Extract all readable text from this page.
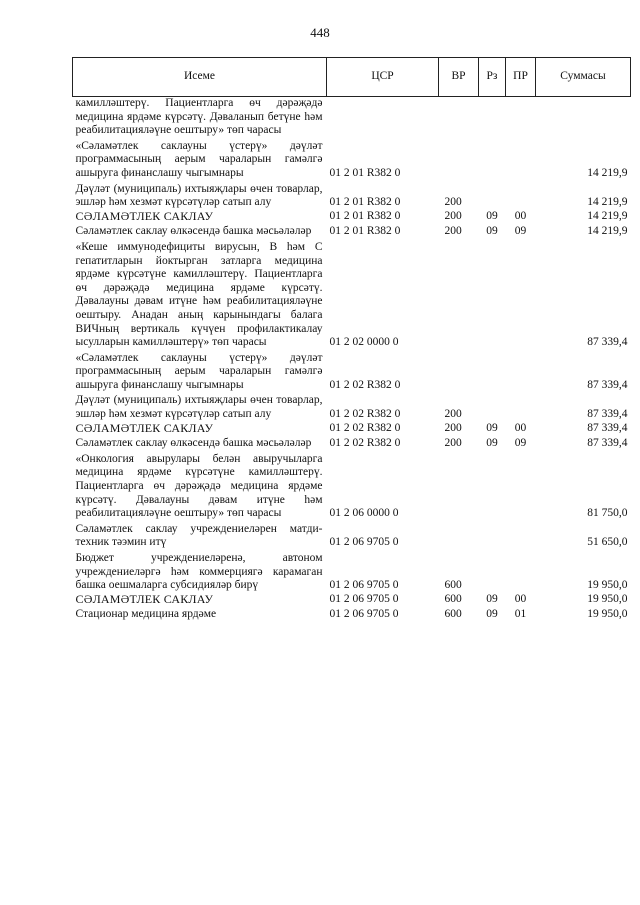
448
Исеме	ЦСР	ВР	Рз	ПР	Суммасы
камилләштерү. Пациентларга өч дәрәҗәдә медицина ярдәме күрсәтү. Дәваланып бетүне һәм реабилитацияләүне оештыру» төп чарасы					
«Сәламәтлек саклауны үстерү» дәүләт программасының аерым чараларын гамәлгә ашыруга финанслашу чыгымнары	01 2 01 R382 0				14 219,9
Дәүләт (муниципаль) ихтыяҗлары өчен товарлар, эшләр һәм хезмәт күрсәтүләр сатып алу	01 2 01 R382 0	200			14 219,9
СӘЛАМӘТЛЕК САКЛАУ	01 2 01 R382 0	200	09	00	14 219,9
Сәламәтлек саклау өлкәсендә башка мәсьәләләр	01 2 01 R382 0	200	09	09	14 219,9
«Кеше иммунодефициты вирусын, B һәм C гепатитларын йоктырган затларга медицина ярдәме күрсәтүне камилләштерү. Пациентларга өч дәрәҗәдә медицина ярдәме күрсәтү. Дәвалауны дәвам итүне һәм реабилитацияләүне оештыру. Анадан аның карынындагы балага ВИЧның вертикаль күчүен профилактикалау ысулларын камилләштерү» төп чарасы	01 2 02 0000 0				87 339,4
«Сәламәтлек саклауны үстерү» дәүләт программасының аерым чараларын гамәлгә ашыруга финанслашу чыгымнары	01 2 02 R382 0				87 339,4
Дәүләт (муниципаль) ихтыяҗлары өчен товарлар, эшләр һәм хезмәт күрсәтүләр сатып алу	01 2 02 R382 0	200			87 339,4
СӘЛАМӘТЛЕК САКЛАУ	01 2 02 R382 0	200	09	00	87 339,4
Сәламәтлек саклау өлкәсендә башка мәсьәләләр	01 2 02 R382 0	200	09	09	87 339,4
«Онкология авырулары белән авыручыларга медицина ярдәме күрсәтүне камилләштерү. Пациентларга өч дәрәҗәдә медицина ярдәме күрсәтү. Дәвалауны дәвам итүне һәм реабилитацияләүне оештыру» төп чарасы	01 2 06 0000 0				81 750,0
Сәламәтлек саклау учреждениеләрен матди-техник тәэмин итү	01 2 06 9705 0				51 650,0
Бюджет учреждениеләренә, автоном учреждениеләргә һәм коммерциягә карамаган башка оешмаларга субсидияләр бирү	01 2 06 9705 0	600			19 950,0
СӘЛАМӘТЛЕК САКЛАУ	01 2 06 9705 0	600	09	00	19 950,0
Стационар медицина ярдәме	01 2 06 9705 0	600	09	01	19 950,0
